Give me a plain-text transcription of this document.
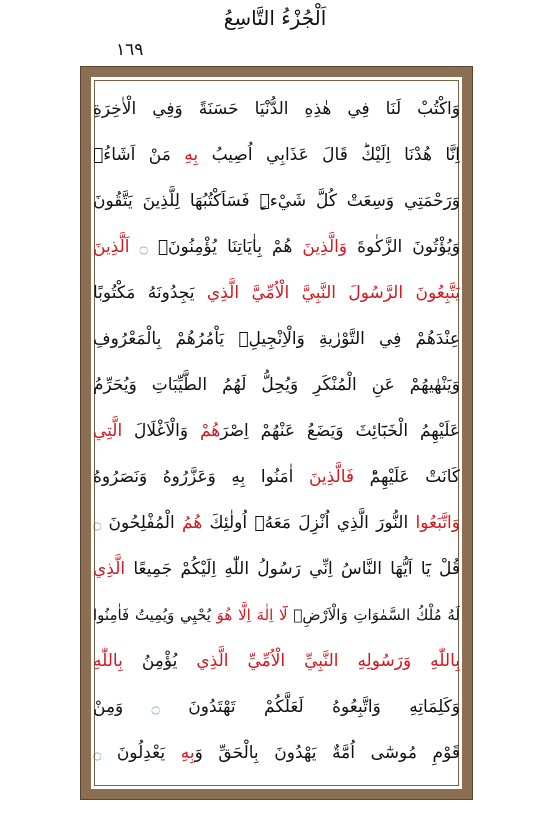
١٦٩
اَلْجُزْءُ التَّاسِعُ
وَاكْتُبْ لَنَا فِي هٰذِهِ الدُّنْيَا حَسَنَةً وَفِي الْاٰخِرَةِ
اِنَّا هُدْنَا اِلَيْكَؕ قَالَ عَذَابِي اُصِيبُ بِهِ مَنْ اَشَاءُۚ
وَرَحْمَتِي وَسِعَتْ كُلَّ شَيْءٍۜ فَسَاَكْتُبُهَا لِلَّذِينَ يَتَّقُونَ
وَيُؤْتُونَ الزَّكٰوةَ وَالَّذِينَ هُمْ بِاٰيَاتِنَا يُؤْمِنُونَۚ ۝ اَلَّذِينَ
يَتَّبِعُونَ الرَّسُولَ النَّبِيَّ الْاُمِّيَّ الَّذِي يَجِدُونَهُ مَكْتُوبًا
عِنْدَهُمْ فِي التَّوْرٰيةِ وَالْاِنْجِيلِۘ يَاْمُرُهُمْ بِالْمَعْرُوفِ
وَيَنْهٰيهُمْ عَنِ الْمُنْكَرِ وَيُحِلُّ لَهُمُ الطَّيِّبَاتِ وَيُحَرِّمُ
عَلَيْهِمُ الْخَبَٓائِثَ وَيَضَعُ عَنْهُمْ اِصْرَهُمْ وَالْاَغْلَالَ الَّتِي
كَانَتْ عَلَيْهِمْؕ فَالَّذِينَ اٰمَنُوا بِهِ وَعَزَّرُوهُ وَنَصَرُوهُ
وَاتَّبَعُوا النُّورَ الَّذِي اُنْزِلَ مَعَهُۙ اُولٰئِكَ هُمُ الْمُفْلِحُونَ ۝
قُلْ يَٓا اَيُّهَا النَّاسُ اِنِّي رَسُولُ اللّٰهِ اِلَيْكُمْ جَمِيعًا الَّذِي
لَهُ مُلْكُ السَّمٰوَاتِ وَالْاَرْضِۚ لَٓا اِلٰهَ اِلَّا هُوَ يُحْيِي وَيُمِيتُ فَاٰمِنُوا
بِاللّٰهِ وَرَسُولِهِ النَّبِيِّ الْاُمِّيِّ الَّذِي يُؤْمِنُ بِاللّٰهِ
وَكَلِمَاتِهِ وَاتَّبِعُوهُ لَعَلَّكُمْ تَهْتَدُونَ ۝ وَمِنْ
قَوْمِ مُوسٰٓى اُمَّةٌ يَهْدُونَ بِالْحَقِّ وَبِهِ يَعْدِلُونَ ۝
